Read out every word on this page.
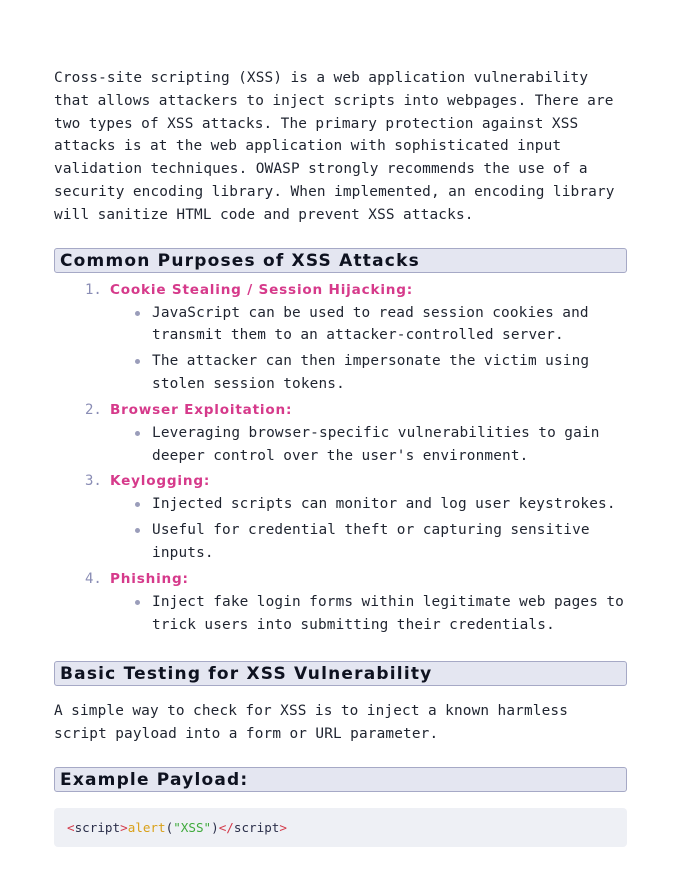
Cross-site scripting (XSS) is a web application vulnerability that allows attackers to inject scripts into webpages. There are two types of XSS attacks. The primary protection against XSS attacks is at the web application with sophisticated input validation techniques. OWASP strongly recommends the use of a security encoding library. When implemented, an encoding library will sanitize HTML code and prevent XSS attacks.

Common Purposes of XSS Attacks
1. Cookie Stealing / Session Hijacking:
JavaScript can be used to read session cookies and transmit them to an attacker-controlled server.
The attacker can then impersonate the victim using stolen session tokens.
2. Browser Exploitation:
Leveraging browser-specific vulnerabilities to gain deeper control over the user's environment.
3. Keylogging:
Injected scripts can monitor and log user keystrokes.
Useful for credential theft or capturing sensitive inputs.
4. Phishing:
Inject fake login forms within legitimate web pages to trick users into submitting their credentials.
Basic Testing for XSS Vulnerability

A simple way to check for XSS is to inject a known harmless script payload into a form or URL parameter.

Example Payload:
<script>alert("XSS")</script>
